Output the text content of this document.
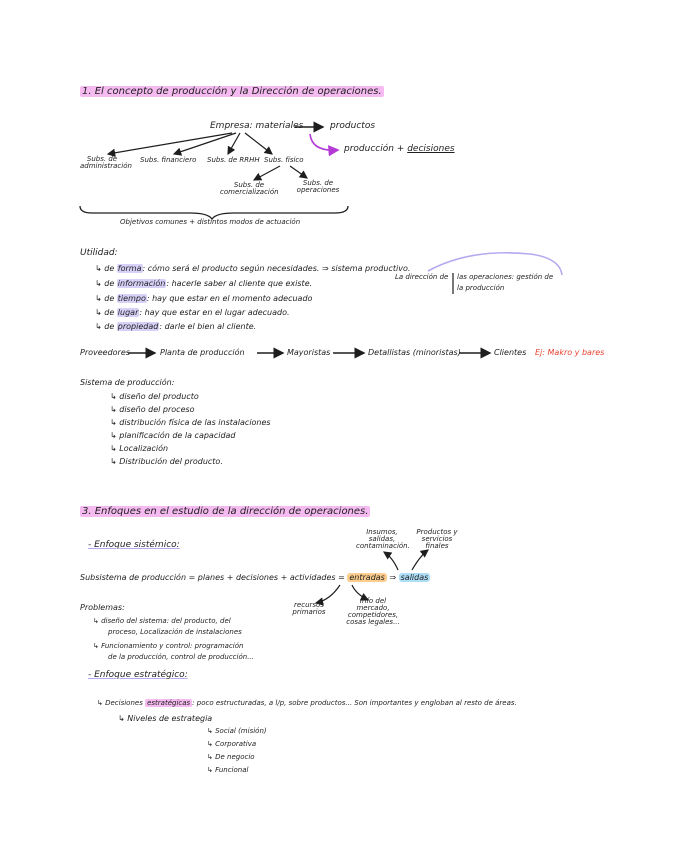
1. El concepto de producción y la Dirección de operaciones.
Empresa: materiales	productos
producción + decisiones
Subs. de administración
Subs. financiero Subs. de RRHH Subs. físico
Subs. de comercialización
Subs. de operaciones
Objetivos comunes + distintos modos de actuación
Utilidad:
↳ de forma: cómo será el producto según necesidades. ⇒ sistema productivo.
↳ de información: hacerle saber al cliente que existe.
↳ de tiempo: hay que estar en el momento adecuado
↳ de lugar: hay que estar en el lugar adecuado.
↳ de propiedad: darle el bien al cliente.
La dirección de las operaciones: gestión de
la producción
Proveedores	Planta de producción	Mayoristas	Detallistas (minoristas)	Clientes Ej: Makro y bares
Sistema de producción:
↳ diseño del producto
↳ diseño del proceso
↳ distribución física de las instalaciones
↳ planificación de la capacidad
↳ Localización
↳ Distribución del producto.
3. Enfoques en el estudio de la dirección de operaciones.
- Enfoque sistémico:
Insumos, salidas, contaminación.
Productos y servicios finales
Subsistema de producción = planes + decisiones + actividades = entradas ⇒ salidas
recursos primarios
Info del mercado, competidores, cosas legales...
Problemas:
↳ diseño del sistema: del producto, del
proceso, Localización de instalaciones
↳ Funcionamiento y control: programación
de la producción, control de producción...
- Enfoque estratégico:
↳ Decisiones estratégicas : poco estructuradas, a l/p, sobre productos... Son importantes y engloban al resto de áreas.
↳ Niveles de estrategia
↳ Social (misión)
↳ Corporativa
↳ De negocio
↳ Funcional
